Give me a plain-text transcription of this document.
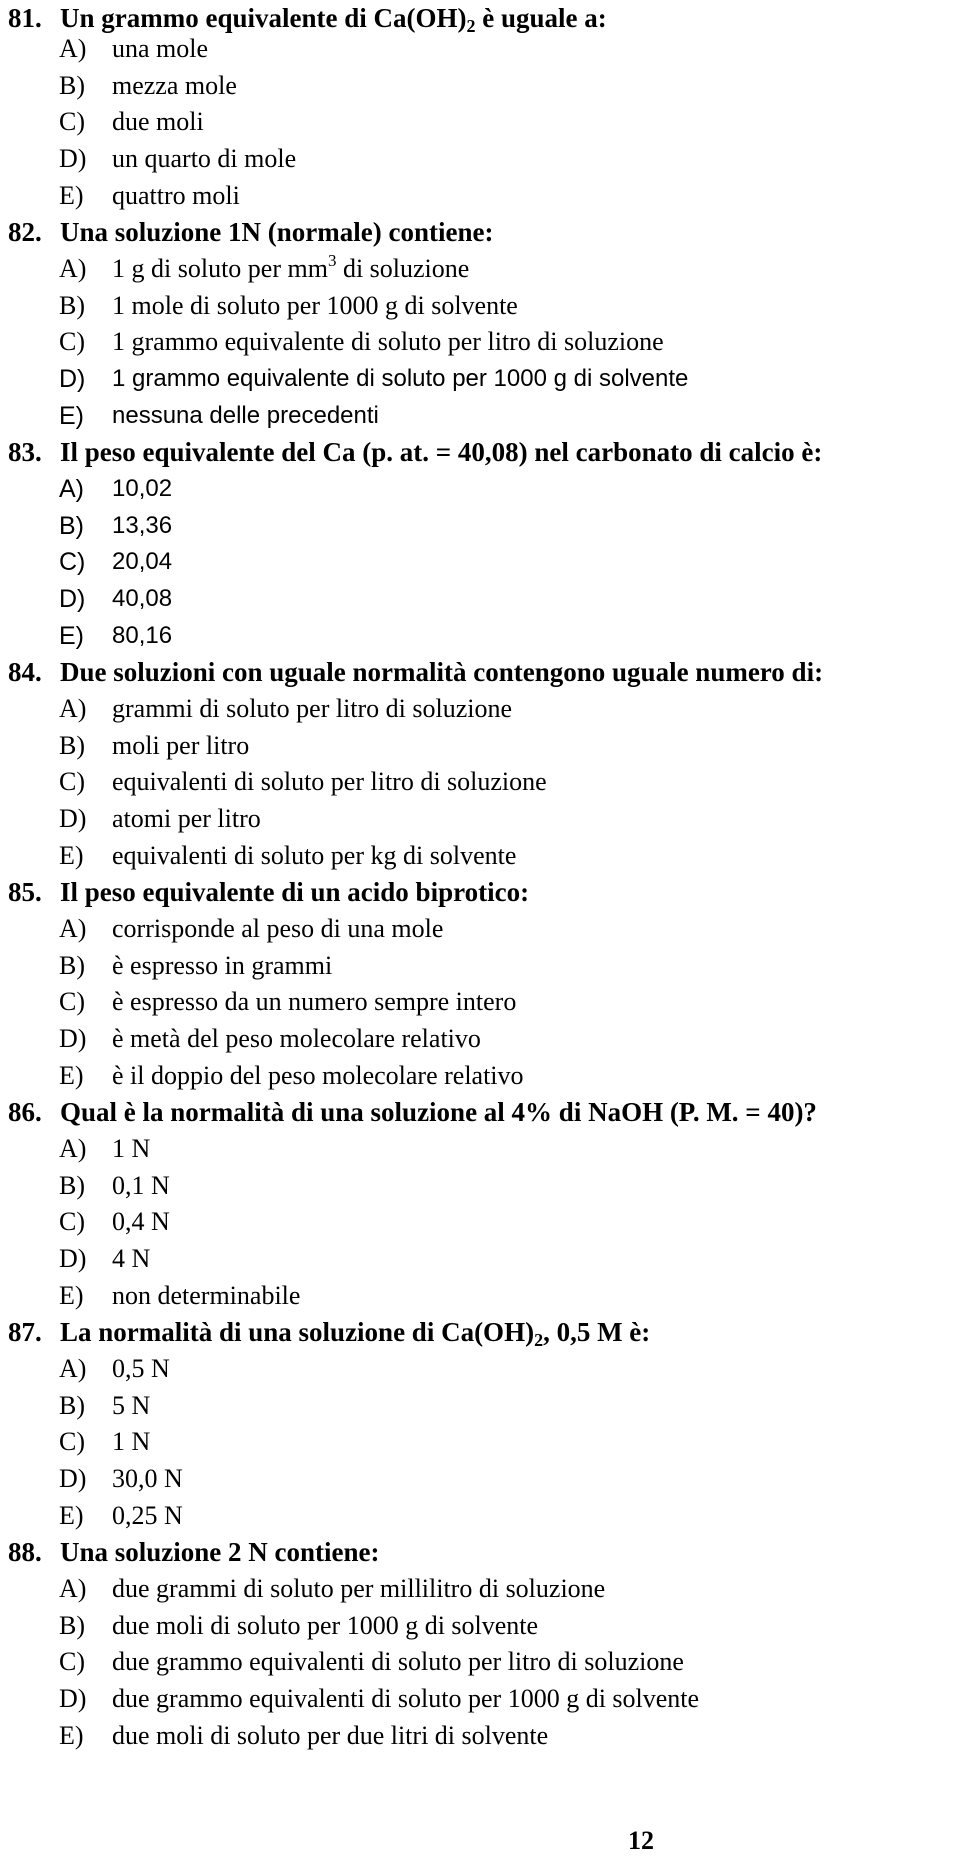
81. Un grammo equivalente di $Ca(OH)_2$ è uguale a:
A) una mole
B) mezza mole
C) due moli
D) un quarto di mole
E) quattro moli
82. Una soluzione 1N (normale) contiene:
A) 1 g di soluto per $mm^3$ di soluzione
B) 1 mole di soluto per 1000 g di solvente
C) 1 grammo equivalente di soluto per litro di soluzione
D) 1 grammo equivalente di soluto per 1000 g di solvente
E) nessuna delle precedenti
83. Il peso equivalente del Ca (p. at. = 40,08) nel carbonato di calcio è:
A) 10,02
B) 13,36
C) 20,04
D) 40,08
E) 80,16
84. Due soluzioni con uguale normalità contengono uguale numero di:
A) grammi di soluto per litro di soluzione
B) moli per litro
C) equivalenti di soluto per litro di soluzione
D) atomi per litro
E) equivalenti di soluto per kg di solvente
85. Il peso equivalente di un acido biprotico:
A) corrisponde al peso di una mole
B) è espresso in grammi
C) è espresso da un numero sempre intero
D) è metà del peso molecolare relativo
E) è il doppio del peso molecolare relativo
86. Qual è la normalità di una soluzione al 4% di NaOH (P. M. = 40)?
A) 1 N
B) 0,1 N
C) 0,4 N
D) 4 N
E) non determinabile
87. La normalità di una soluzione di $Ca(OH)_2$, 0,5 M è:
A) 0,5 N
B) 5 N
C) 1 N
D) 30,0 N
E) 0,25 N
88. Una soluzione 2 N contiene:
A) due grammi di soluto per millilitro di soluzione
B) due moli di soluto per 1000 g di solvente
C) due grammo equivalenti di soluto per litro di soluzione
D) due grammo equivalenti di soluto per 1000 g di solvente
E) due moli di soluto per due litri di solvente
12
